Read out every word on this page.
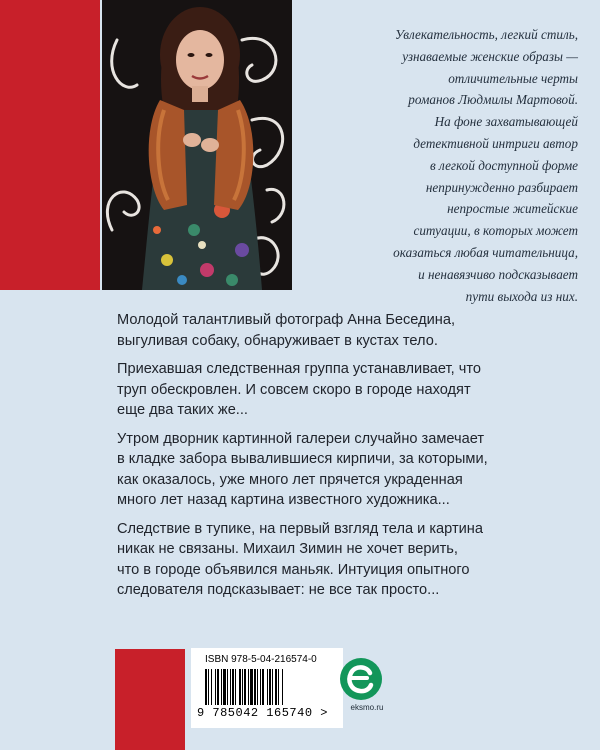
Увлекательность, легкий стиль,
узнаваемые женские образы —
отличительные черты
романов Людмилы Мартовой.
На фоне захватывающей
детективной интриги автор
в легкой доступной форме
непринужденно разбирает
непростые житейские
ситуации, в которых может
оказаться любая читательница,
и ненавязчиво подсказывает
пути выхода из них.
Молодой талантливый фотограф Анна Беседина,
выгуливая собаку, обнаруживает в кустах тело.
Приехавшая следственная группа устанавливает, что
труп обескровлен. И совсем скоро в городе находят
еще два таких же...
Утром дворник картинной галереи случайно замечает
в кладке забора вывалившиеся кирпичи, за которыми,
как оказалось, уже много лет прячется украденная
много лет назад картина известного художника...
Следствие в тупике, на первый взгляд тела и картина
никак не связаны. Михаил Зимин не хочет верить,
что в городе объявился маньяк. Интуиция опытного
следователя подсказывает: не все так просто...
ISBN 978-5-04-216574-0
9 785042 165740 >	eksmo.ru
